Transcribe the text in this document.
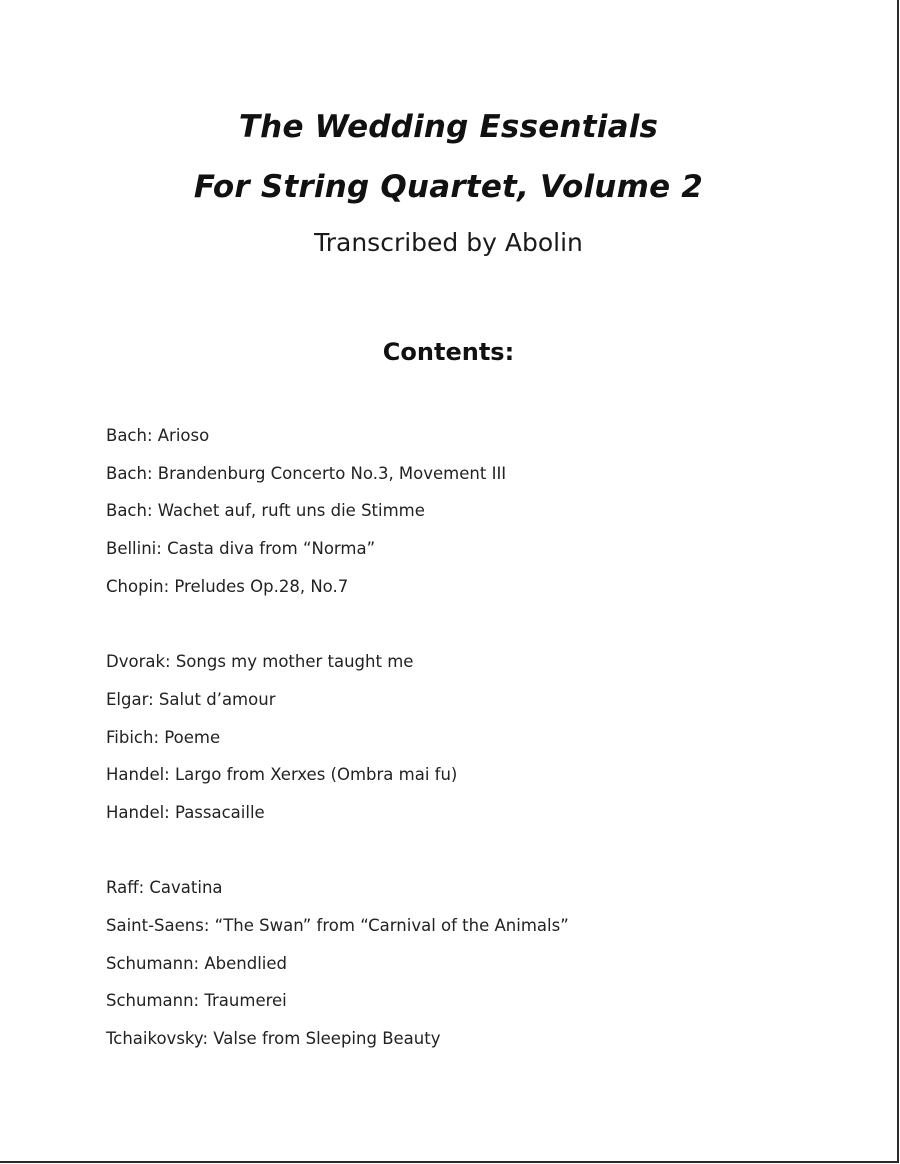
The Wedding Essentials
For String Quartet, Volume 2
Transcribed by Abolin
Contents:
Bach: Arioso
Bach: Brandenburg Concerto No.3, Movement III
Bach: Wachet auf, ruft uns die Stimme
Bellini: Casta diva from “Norma”
Chopin: Preludes Op.28, No.7
Dvorak: Songs my mother taught me
Elgar: Salut d’amour
Fibich: Poeme
Handel: Largo from Xerxes (Ombra mai fu)
Handel: Passacaille
Raff: Cavatina
Saint-Saens: “The Swan” from “Carnival of the Animals”
Schumann: Abendlied
Schumann: Traumerei
Tchaikovsky: Valse from Sleeping Beauty
